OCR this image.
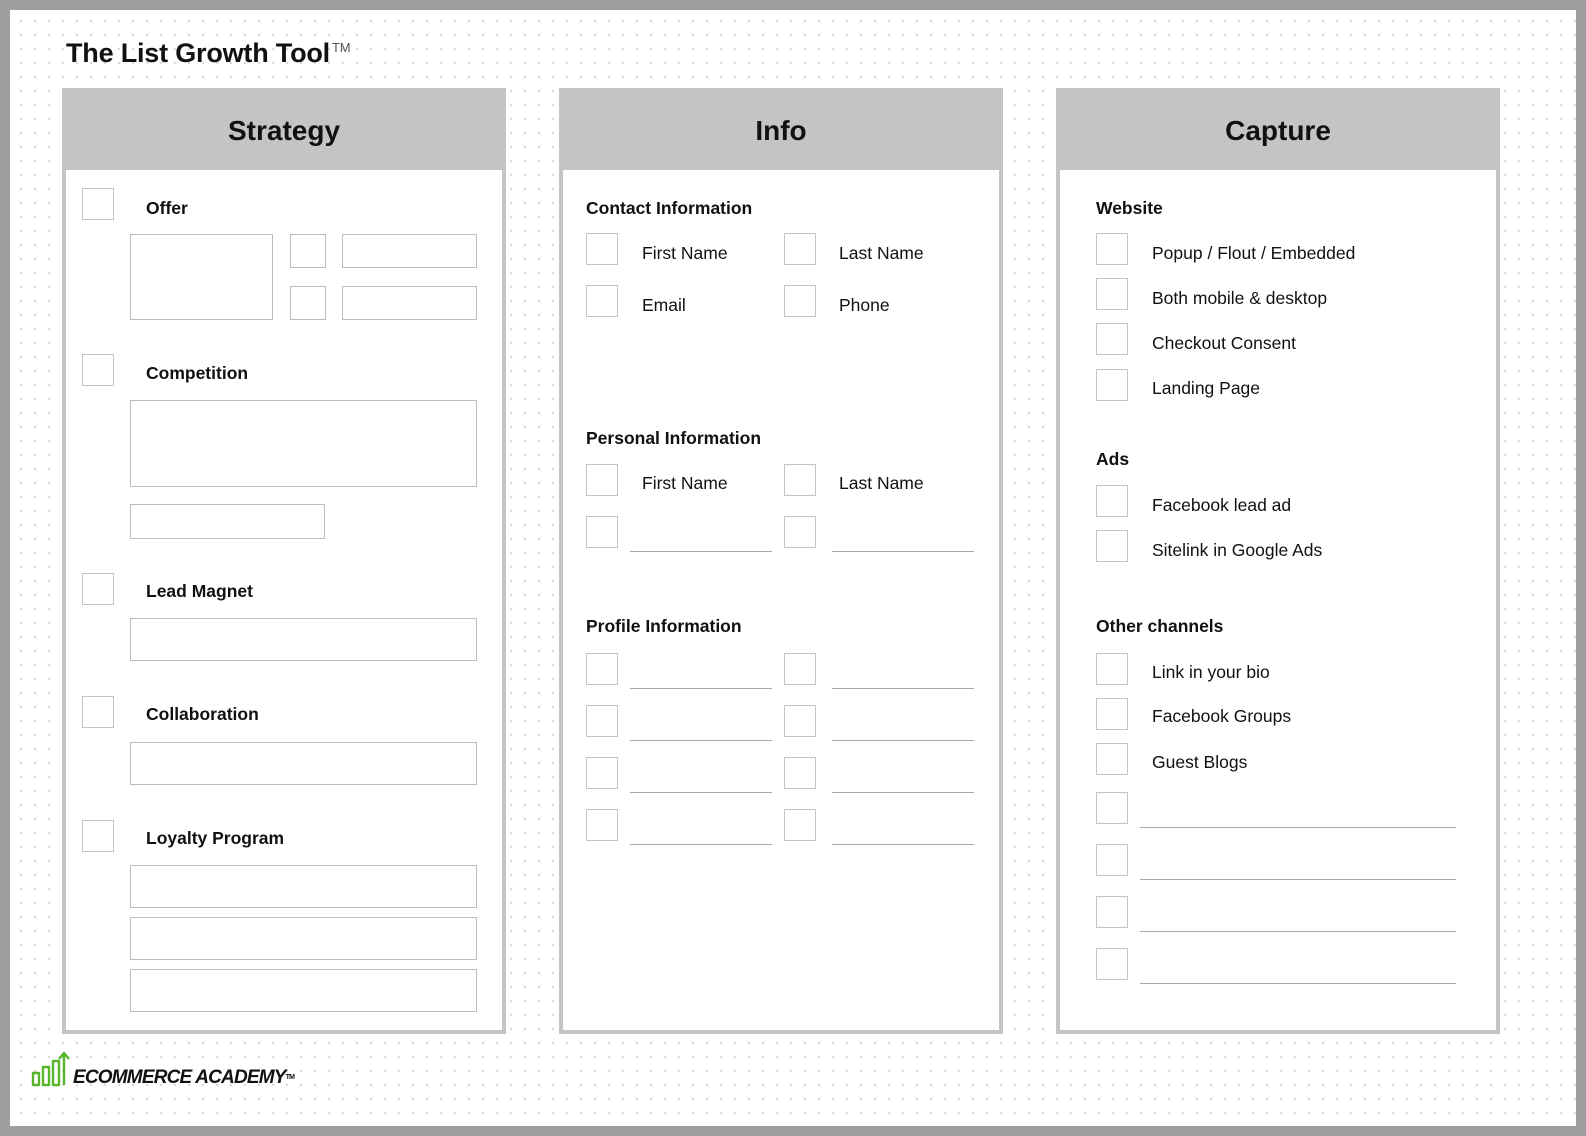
The List Growth Tool ™
Strategy
Offer
Competition
Lead Magnet
Collaboration
Loyalty Program
Info
Contact Information
First Name	Last Name
Email	Phone
Personal Information
First Name	Last Name
Profile Information
Capture
Website
Popup / Flout / Embedded
Both mobile & desktop
Checkout Consent
Landing Page
Ads
Facebook lead ad
Sitelink in Google Ads
Other channels
Link in your bio
Facebook Groups
Guest Blogs
ECOMMERCE ACADEMY™
